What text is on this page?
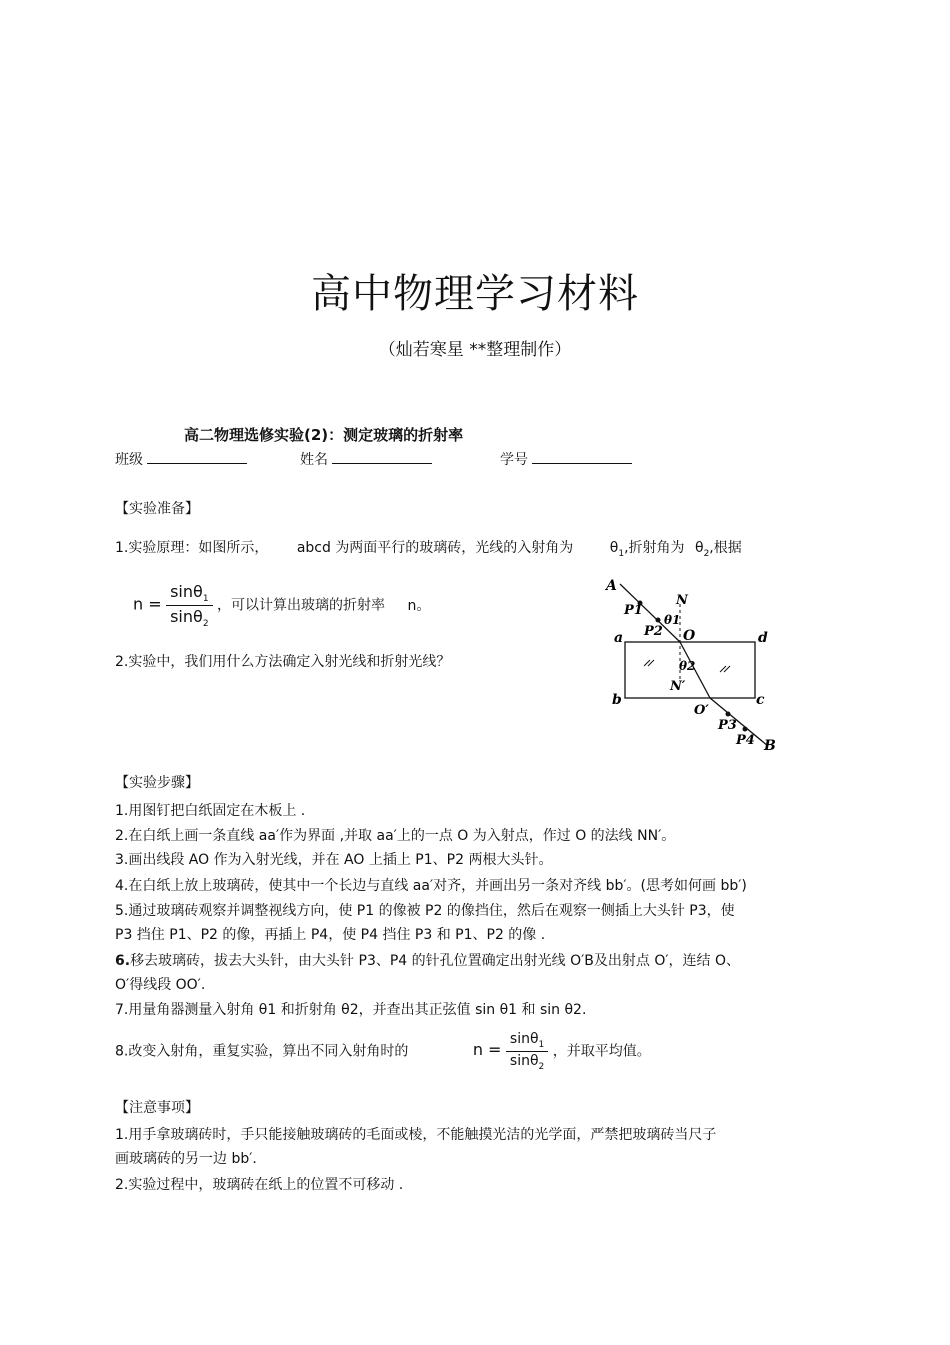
高中物理学习材料
（灿若寒星 **整理制作）
高二物理选修实验(2)：测定玻璃的折射率
班级	姓名	学号
【实验准备】
1.实验原理：如图所示， abcd 为两面平行的玻璃砖，光线的入射角为	$\theta_1$,折射角为 $\theta_2$,根据
$n = \frac{\sin\theta_1}{\sin\theta_2}$ ，可以计算出玻璃的折射率 n。
2.实验中，我们用什么方法确定入射光线和折射光线？
A
P1
N
θ1
P2 O
a	d
θ2
N′
b
O′
c
P3
P4 B
【实验步骤】
1.用图钉把白纸固定在木板上 .
2.在白纸上画一条直线 aa′作为界面 ,并取 aa′上的一点 O 为入射点，作过 O 的法线 NN′。
3.画出线段 AO 作为入射光线，并在 AO 上插上 P1、P2 两根大头针。
4.在白纸上放上玻璃砖，使其中一个长边与直线 aa′对齐，并画出另一条对齐线 bb′。(思考如何画 bb′)
5.通过玻璃砖观察并调整视线方向，使 P1 的像被 P2 的像挡住，然后在观察一侧插上大头针 P3，使
P3 挡住 P1、P2 的像，再插上 P4，使 P4 挡住 P3 和 P1、P2 的像 .
6.移去玻璃砖，拔去大头针，由大头针 P3、P4 的针孔位置确定出射光线 O′B及出射点 O′，连结 O、
O′得线段 OO′.
7.用量角器测量入射角 θ1 和折射角 θ2，并查出其正弦值 sin θ1 和 sin θ2.
8.改变入射角，重复实验，算出不同入射角时的	$n = \frac{\sin\theta_1}{\sin\theta_2}$ ，并取平均值。
【注意事项】
1.用手拿玻璃砖时，手只能接触玻璃砖的毛面或棱，不能触摸光洁的光学面，严禁把玻璃砖当尺子
画玻璃砖的另一边 bb′.
2.实验过程中，玻璃砖在纸上的位置不可移动 .
